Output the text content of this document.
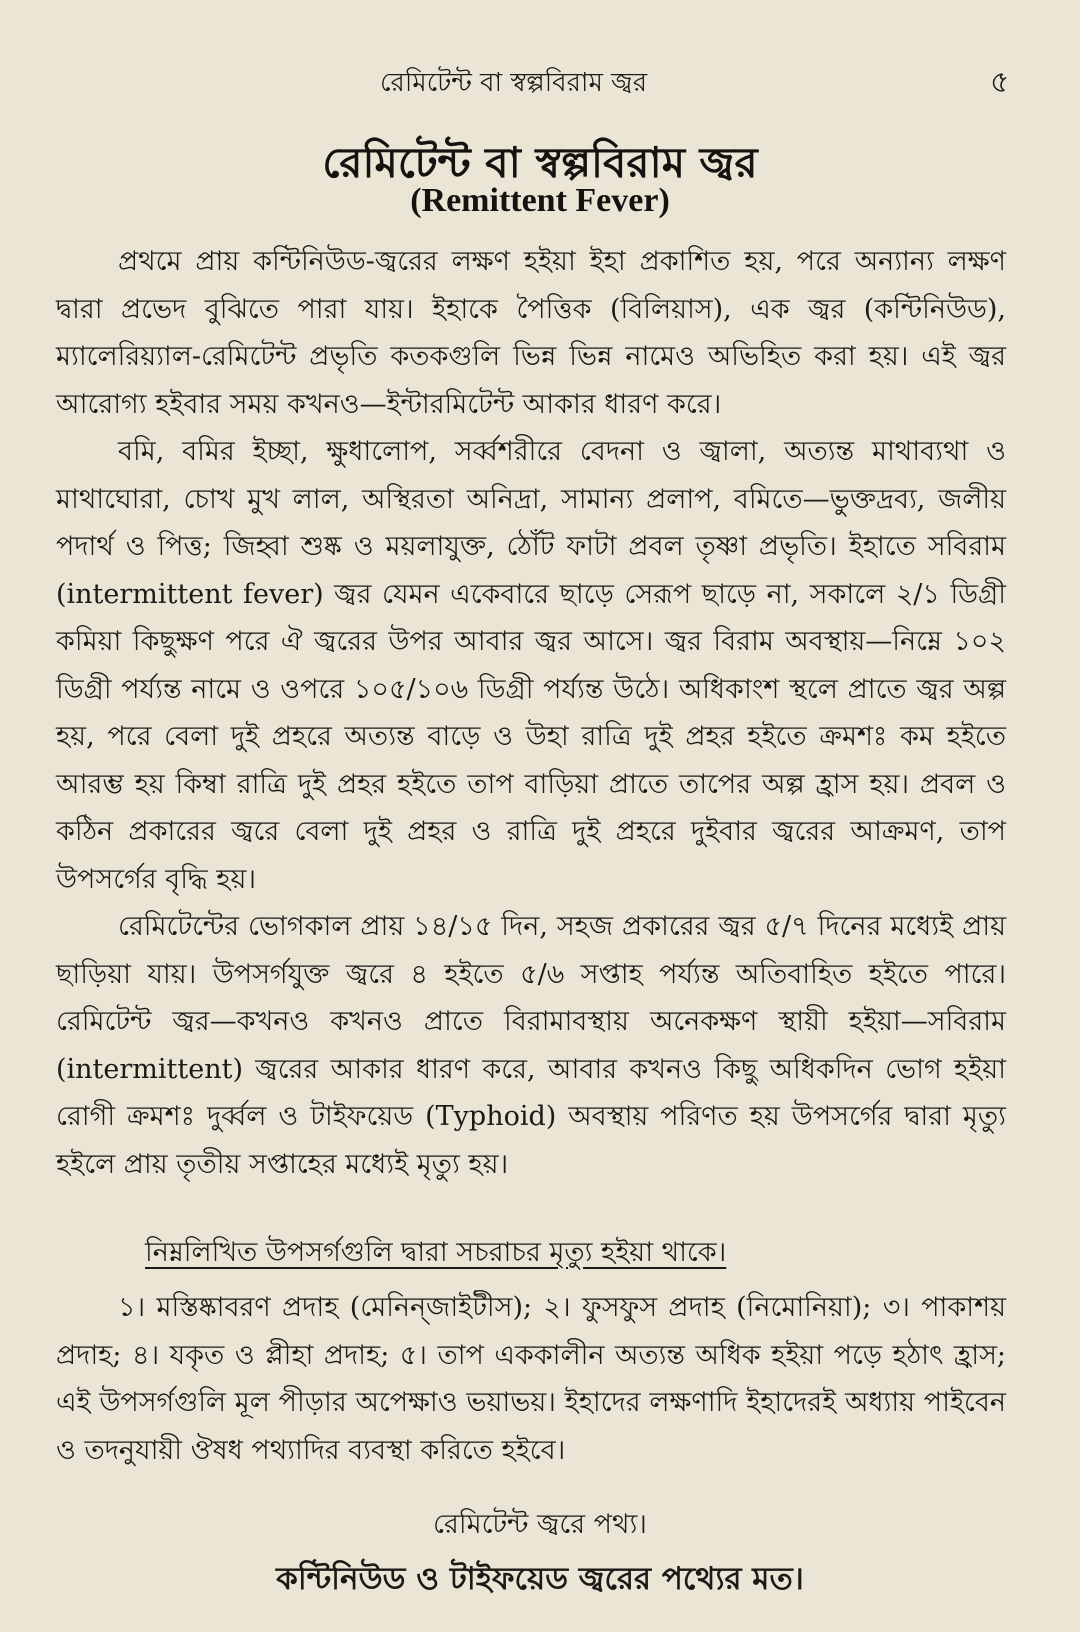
রেমিটেন্ট বা স্বল্পবিরাম জ্বর	৫
রেমিটেন্ট বা স্বল্পবিরাম জ্বর
(Remittent Fever)

প্রথমে প্রায় কন্টিনিউড-জ্বরের লক্ষণ হইয়া ইহা প্রকাশিত হয়, পরে অন্যান্য লক্ষণ দ্বারা প্রভেদ বুঝিতে পারা যায়। ইহাকে পৈত্তিক (বিলিয়াস), এক জ্বর (কন্টিনিউড), ম্যালেরিয়্যাল-রেমিটেন্ট প্রভৃতি কতকগুলি ভিন্ন ভিন্ন নামেও অভিহিত করা হয়। এই জ্বর আরোগ্য হইবার সময় কখনও—ইন্টারমিটেন্ট আকার ধারণ করে।

বমি, বমির ইচ্ছা, ক্ষুধালোপ, সর্ব্বশরীরে বেদনা ও জ্বালা, অত্যন্ত মাথাব্যথা ও মাথাঘোরা, চোখ মুখ লাল, অস্থিরতা অনিদ্রা, সামান্য প্রলাপ, বমিতে—ভুক্তদ্রব্য, জলীয় পদার্থ ও পিত্ত; জিহ্বা শুষ্ক ও ময়লাযুক্ত, ঠোঁট ফাটা প্রবল তৃষ্ণা প্রভৃতি। ইহাতে সবিরাম (intermittent fever) জ্বর যেমন একেবারে ছাড়ে সেরূপ ছাড়ে না, সকালে ২/১ ডিগ্রী কমিয়া কিছুক্ষণ পরে ঐ জ্বরের উপর আবার জ্বর আসে। জ্বর বিরাম অবস্থায়—নিম্নে ১০২ ডিগ্রী পর্য্যন্ত নামে ও ওপরে ১০৫/১০৬ ডিগ্রী পর্য্যন্ত উঠে। অধিকাংশ স্থলে প্রাতে জ্বর অল্প হয়, পরে বেলা দুই প্রহরে অত্যন্ত বাড়ে ও উহা রাত্রি দুই প্রহর হইতে ক্রমশঃ কম হইতে আরম্ভ হয় কিম্বা রাত্রি দুই প্রহর হইতে তাপ বাড়িয়া প্রাতে তাপের অল্প হ্রাস হয়। প্রবল ও কঠিন প্রকারের জ্বরে বেলা দুই প্রহর ও রাত্রি দুই প্রহরে দুইবার জ্বরের আক্রমণ, তাপ উপসর্গের বৃদ্ধি হয়।

রেমিটেন্টের ভোগকাল প্রায় ১৪/১৫ দিন, সহজ প্রকারের জ্বর ৫/৭ দিনের মধ্যেই প্রায় ছাড়িয়া যায়। উপসর্গযুক্ত জ্বরে ৪ হইতে ৫/৬ সপ্তাহ পর্য্যন্ত অতিবাহিত হইতে পারে। রেমিটেন্ট জ্বর—কখনও কখনও প্রাতে বিরামাবস্থায় অনেকক্ষণ স্থায়ী হইয়া—সবিরাম (intermittent) জ্বরের আকার ধারণ করে, আবার কখনও কিছু অধিকদিন ভোগ হইয়া রোগী ক্রমশঃ দুর্ব্বল ও টাইফয়েড (Typhoid) অবস্থায় পরিণত হয় উপসর্গের দ্বারা মৃত্যু হইলে প্রায় তৃতীয় সপ্তাহের মধ্যেই মৃত্যু হয়।

নিম্নলিখিত উপসর্গগুলি দ্বারা সচরাচর মৃত্যু হইয়া থাকে।

১। মস্তিষ্কাবরণ প্রদাহ (মেনিন্‌জাইটীস); ২। ফুসফুস প্রদাহ (নিমোনিয়া); ৩। পাকাশয় প্রদাহ; ৪। যকৃত ও প্লীহা প্রদাহ; ৫। তাপ এককালীন অত্যন্ত অধিক হইয়া পড়ে হঠাৎ হ্রাস; এই উপসর্গগুলি মূল পীড়ার অপেক্ষাও ভয়াভয়। ইহাদের লক্ষণাদি ইহাদেরই অধ্যায় পাইবেন ও তদনুযায়ী ঔষধ পথ্যাদির ব্যবস্থা করিতে হইবে।

রেমিটেন্ট জ্বরে পথ্য।
কন্টিনিউড ও টাইফয়েড জ্বরের পথ্যের মত।
